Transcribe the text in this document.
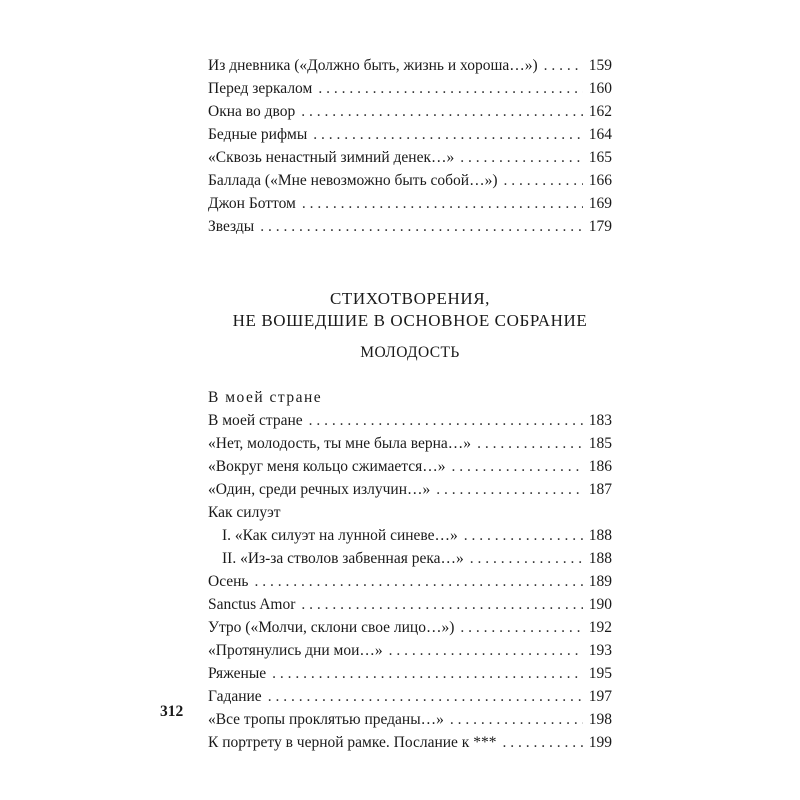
Из дневника («Должно быть, жизнь и хороша…») . . .	159
Перед зеркалом . . .	160
Окна во двор . . .	162
Бедные рифмы . . .	164
«Сквозь ненастный зимний денек…» . . .	165
Баллада («Мне невозможно быть собой…») . . .	166
Джон Боттом . . .	169
Звезды . . .	179
СТИХОТВОРЕНИЯ,
НЕ ВОШЕДШИЕ В ОСНОВНОЕ СОБРАНИЕ
МОЛОДОСТЬ
В моей стране
В моей стране . . .	183
«Нет, молодость, ты мне была верна…» . . .	185
«Вокруг меня кольцо сжимается…» . . .	186
«Один, среди речных излучин…» . . .	187
Как силуэт
I. «Как силуэт на лунной синеве…» . . .	188
II. «Из-за стволов забвенная река…» . . .	188
Осень . . .	189
Sanctus Amor . . .	190
Утро («Молчи, склони свое лицо…») . . .	192
«Протянулись дни мои…» . . .	193
Ряженые . . .	195
Гадание . . .	197
«Все тропы проклятью преданы…» . . .	198
К портрету в черной рамке. Послание к *** . . .	199
312
